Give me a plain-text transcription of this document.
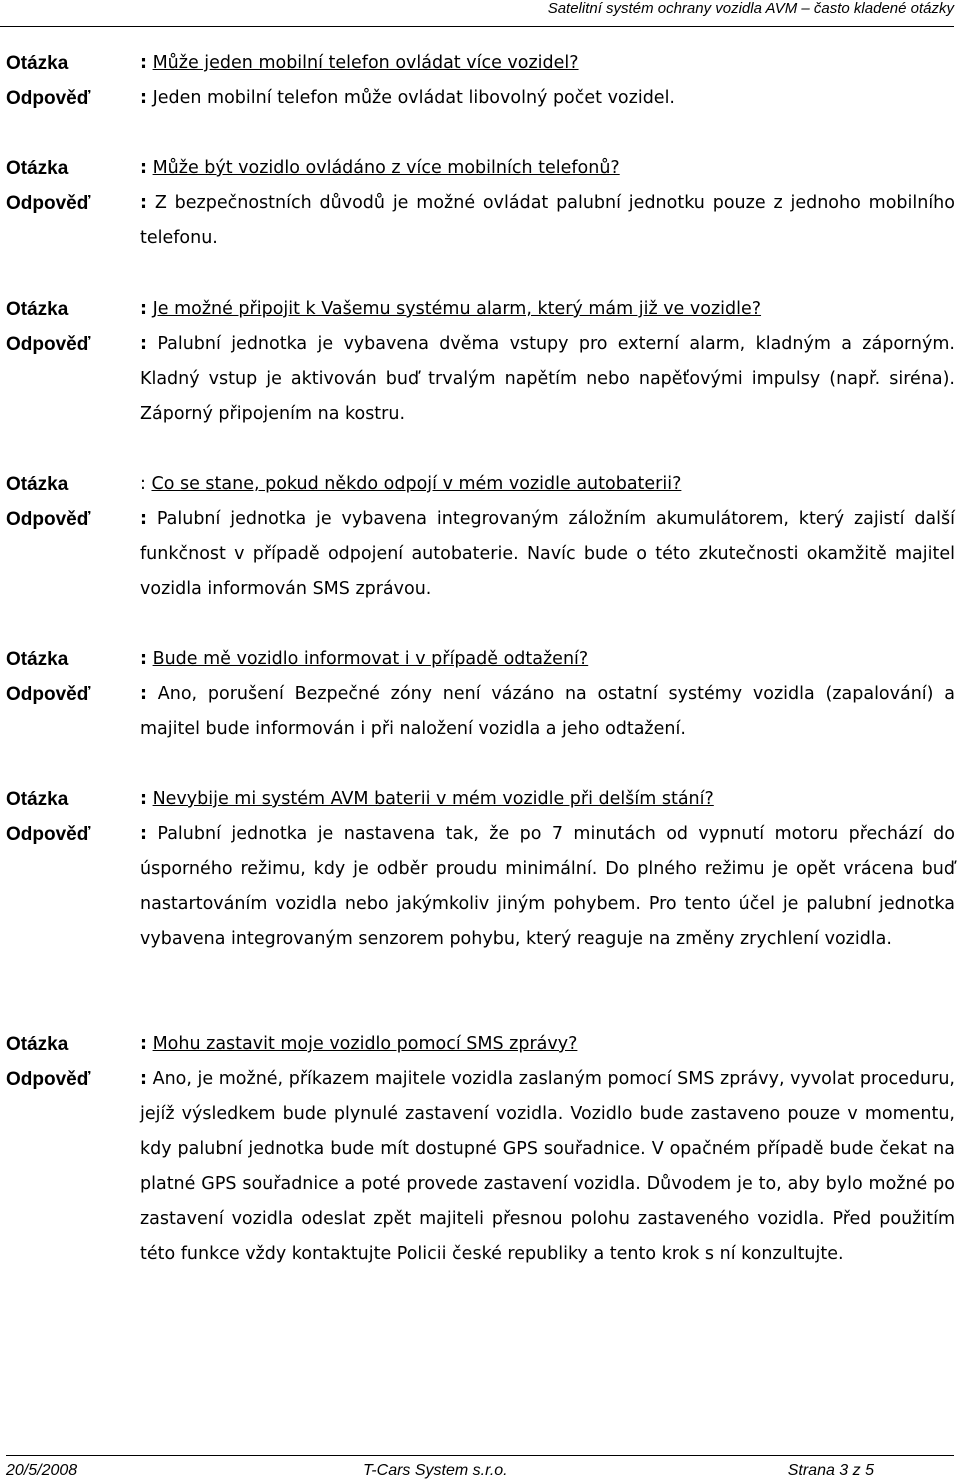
Satelitní systém ochrany vozidla AVM – často kladené otázky
Otázka	: Může jeden mobilní telefon ovládat více vozidel?
Odpověď	: Jeden mobilní telefon může ovládat libovolný počet vozidel.
Otázka	: Může být vozidlo ovládáno z více mobilních telefonů?
Odpověď	: Z bezpečnostních důvodů je možné ovládat palubní jednotku pouze z jednoho mobilního telefonu.
Otázka	: Je možné připojit k Vašemu systému alarm, který mám již ve vozidle?
Odpověď	: Palubní jednotka je vybavena dvěma vstupy pro externí alarm, kladným a záporným. Kladný vstup je aktivován buď trvalým napětím nebo napěťovými impulsy (např. siréna). Záporný připojením na kostru.
Otázka	: Co se stane, pokud někdo odpojí v mém vozidle autobaterii?
Odpověď	: Palubní jednotka je vybavena integrovaným záložním akumulátorem, který zajistí další funkčnost v případě odpojení autobaterie. Navíc bude o této zkutečnosti okamžitě majitel vozidla informován SMS zprávou.
Otázka	: Bude mě vozidlo informovat i v případě odtažení?
Odpověď	: Ano, porušení Bezpečné zóny není vázáno na ostatní systémy vozidla (zapalování) a majitel bude informován i při naložení vozidla a jeho odtažení.
Otázka	: Nevybije mi systém AVM baterii v mém vozidle při delším stání?
Odpověď	: Palubní jednotka je nastavena tak, že po 7 minutách od vypnutí motoru přechází do úsporného režimu, kdy je odběr proudu minimální. Do plného režimu je opět vrácena buď nastartováním vozidla nebo jakýmkoliv jiným pohybem. Pro tento účel je palubní jednotka vybavena integrovaným senzorem pohybu, který reaguje na změny zrychlení vozidla.
Otázka	: Mohu zastavit moje vozidlo pomocí SMS zprávy?
Odpověď	: Ano, je možné, příkazem majitele vozidla zaslaným pomocí SMS zprávy, vyvolat proceduru, jejíž výsledkem bude plynulé zastavení vozidla. Vozidlo bude zastaveno pouze v momentu, kdy palubní jednotka bude mít dostupné GPS souřadnice. V opačném případě bude čekat na platné GPS souřadnice a poté provede zastavení vozidla. Důvodem je to, aby bylo možné po zastavení vozidla odeslat zpět majiteli přesnou polohu zastaveného vozidla. Před použitím této funkce vždy kontaktujte Policii české republiky a tento krok s ní konzultujte.
20/5/2008	T-Cars System s.r.o.	Strana 3 z 5
